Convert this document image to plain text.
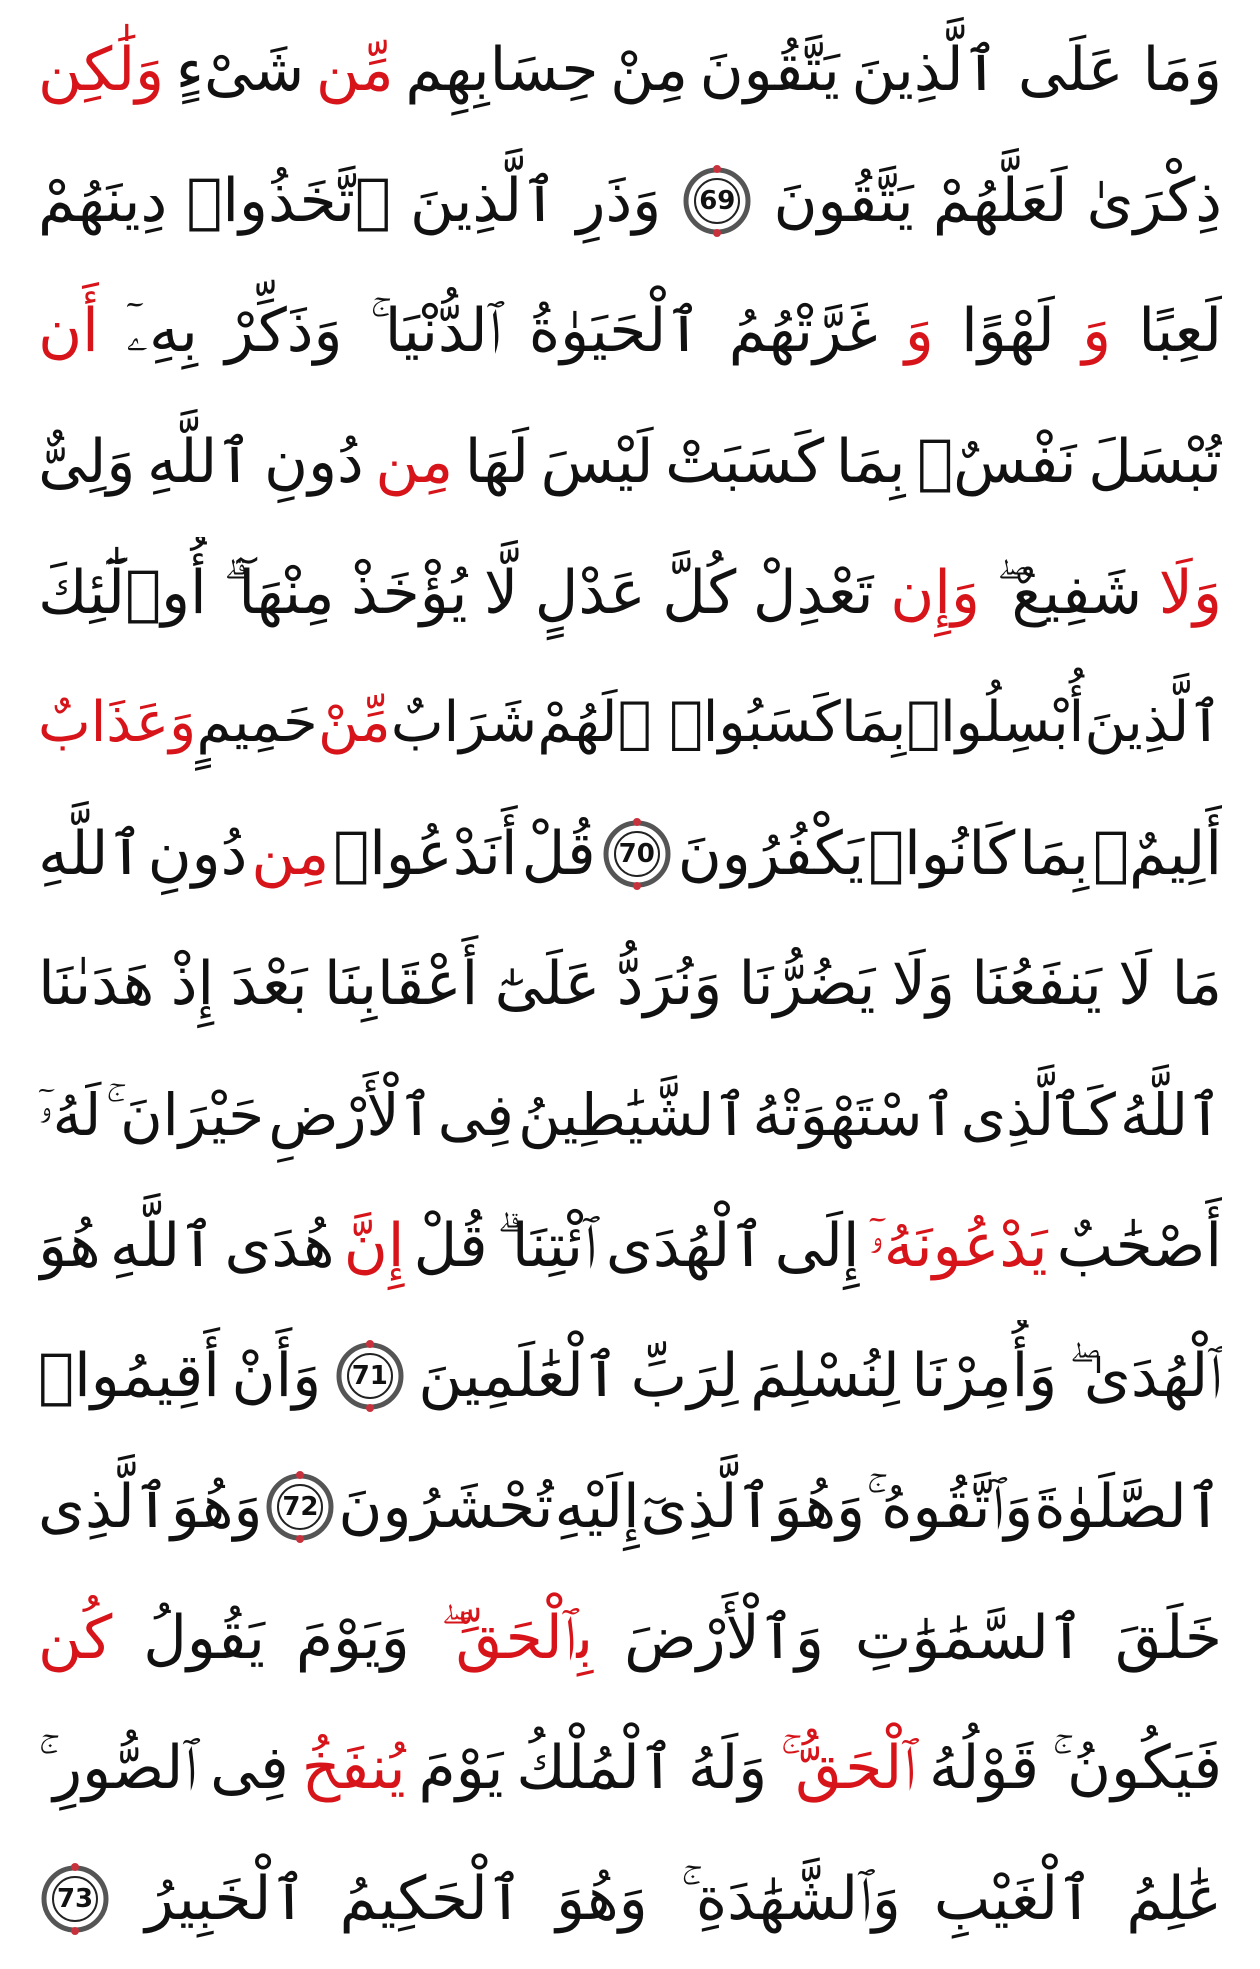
وَمَا عَلَى ٱلَّذِينَ
يَتَّقُونَ
مِنْ
حِسَابِهِم
مِّن
شَىْءٍ
وَلَٰكِن
ذِكْرَىٰ
لَعَلَّهُمْ
يَتَّقُونَ
69
وَذَرِ
ٱلَّذِينَ
ٱتَّخَذُوا۟
دِينَهُمْ
لَعِبًا
وَ
لَهْوًا
وَ
غَرَّتْهُمُ
ٱلْحَيَوٰةُ
ٱلدُّنْيَا ۚ
وَذَكِّرْ
بِهِۦٓ
أَن
تُبْسَلَ
نَفْسٌۢ
بِمَا
كَسَبَتْ
لَيْسَ
لَهَا
مِن
دُونِ
ٱللَّهِ
وَلِىٌّ
وَلَا
شَفِيعٌ ۖ
وَإِن
تَعْدِلْ
كُلَّ
عَدْلٍ
لَّا
يُؤْخَذْ
مِنْهَآ ۗ
أُو۟لَٰٓئِكَ
ٱلَّذِينَ
أُبْسِلُوا۟
بِمَا
كَسَبُوا۟ ۖ
لَهُمْ
شَرَابٌ
مِّنْ
حَمِيمٍ
وَعَذَابٌ
أَلِيمٌۢ
بِمَا
كَانُوا۟
يَكْفُرُونَ
70
قُلْ
أَنَدْعُوا۟
مِن
دُونِ
ٱللَّهِ
مَا لَا
يَنفَعُنَا
وَلَا
يَضُرُّنَا
وَنُرَدُّ
عَلَىٰٓ
أَعْقَابِنَا
بَعْدَ
إِذْ
هَدَىٰنَا
ٱللَّهُ
كَٱلَّذِى
ٱسْتَهْوَتْهُ
ٱلشَّيَٰطِينُ
فِى
ٱلْأَرْضِ
حَيْرَانَ ۚ
لَهُۥٓ
أَصْحَٰبٌ
يَدْعُونَهُۥٓ
إِلَى
ٱلْهُدَى
ٱئْتِنَا ۗ
قُلْ
إِنَّ
هُدَى
ٱللَّهِ
هُوَ
ٱلْهُدَىٰ ۖ
وَأُمِرْنَا
لِنُسْلِمَ
لِرَبِّ
ٱلْعَٰلَمِينَ
71
وَأَنْ
أَقِيمُوا۟
ٱلصَّلَوٰةَ
وَٱتَّقُوهُ ۚ
وَهُوَ
ٱلَّذِىٓ
إِلَيْهِ
تُحْشَرُونَ
72
وَهُوَ
ٱلَّذِى
خَلَقَ
ٱلسَّمَٰوَٰتِ
وَٱلْأَرْضَ
بِٱلْحَقِّ ۖ
وَيَوْمَ
يَقُولُ
كُن
فَيَكُونُ ۚ
قَوْلُهُ
ٱلْحَقُّ ۚ
وَلَهُ
ٱلْمُلْكُ
يَوْمَ
يُنفَخُ
فِى
ٱلصُّورِ ۚ
عَٰلِمُ
ٱلْغَيْبِ
وَٱلشَّهَٰدَةِ ۚ
وَهُوَ
ٱلْحَكِيمُ
ٱلْخَبِيرُ
73
